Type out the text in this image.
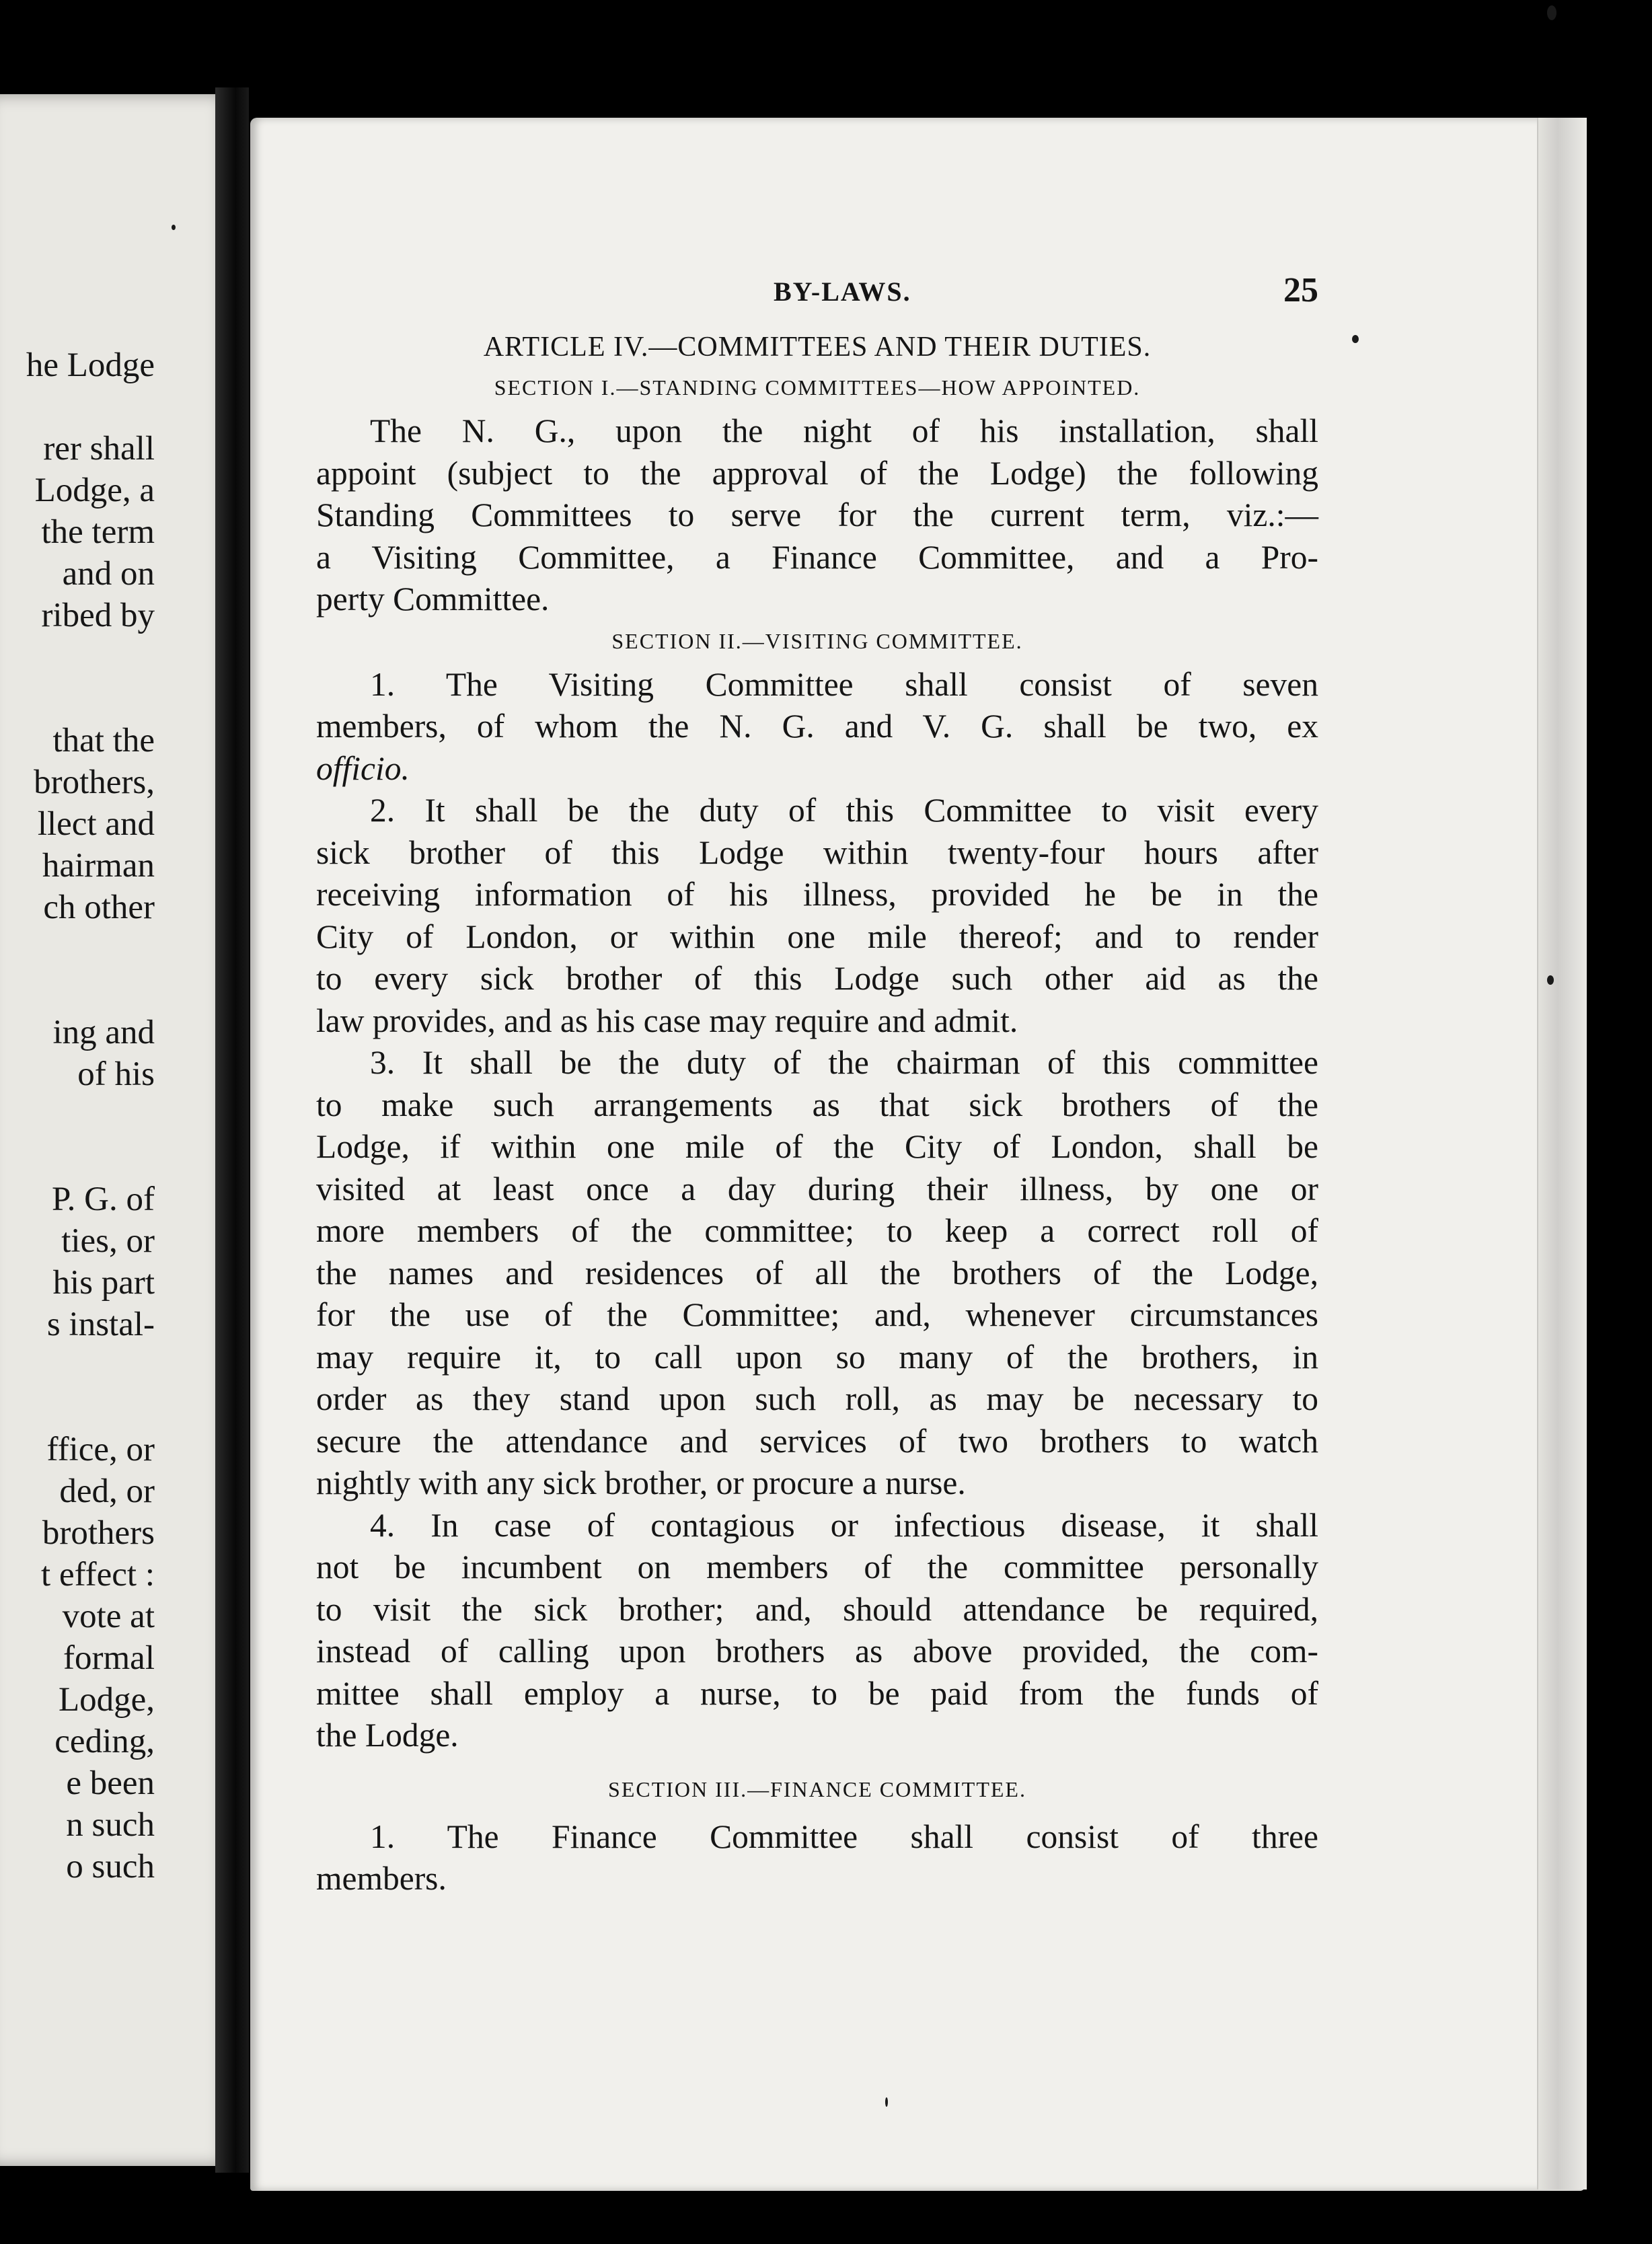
he Lodge
rer shall
Lodge, a
the term
and on
ribed by
that the
brothers,
llect and
hairman
ch other
ing and
of his
P. G. of
ties, or
his part
s instal-
ffice, or
ded, or
brothers
t effect :
vote at
formal
Lodge,
ceding,
e been
n such
o such
BY-LAWS.	25
ARTICLE IV.—COMMITTEES AND THEIR DUTIES.
SECTION I.—STANDING COMMITTEES—HOW APPOINTED.

The N. G., upon the night of his installation, shall
appoint (subject to the approval of the Lodge) the following
Standing Committees to serve for the current term, viz.:—
a Visiting Committee, a Finance Committee, and a Pro-
perty Committee.

SECTION II.—VISITING COMMITTEE.

1. The Visiting Committee shall consist of seven
members, of whom the N. G. and V. G. shall be two, ex
officio.

2. It shall be the duty of this Committee to visit every
sick brother of this Lodge within twenty-four hours after
receiving information of his illness, provided he be in the
City of London, or within one mile thereof; and to render
to every sick brother of this Lodge such other aid as the
law provides, and as his case may require and admit.

3. It shall be the duty of the chairman of this committee
to make such arrangements as that sick brothers of the
Lodge, if within one mile of the City of London, shall be
visited at least once a day during their illness, by one or
more members of the committee; to keep a correct roll of
the names and residences of all the brothers of the Lodge,
for the use of the Committee; and, whenever circumstances
may require it, to call upon so many of the brothers, in
order as they stand upon such roll, as may be necessary to
secure the attendance and services of two brothers to watch
nightly with any sick brother, or procure a nurse.

4. In case of contagious or infectious disease, it shall
not be incumbent on members of the committee personally
to visit the sick brother; and, should attendance be required,
instead of calling upon brothers as above provided, the com-
mittee shall employ a nurse, to be paid from the funds of
the Lodge.

SECTION III.—FINANCE COMMITTEE.

1. The Finance Committee shall consist of three
members.
